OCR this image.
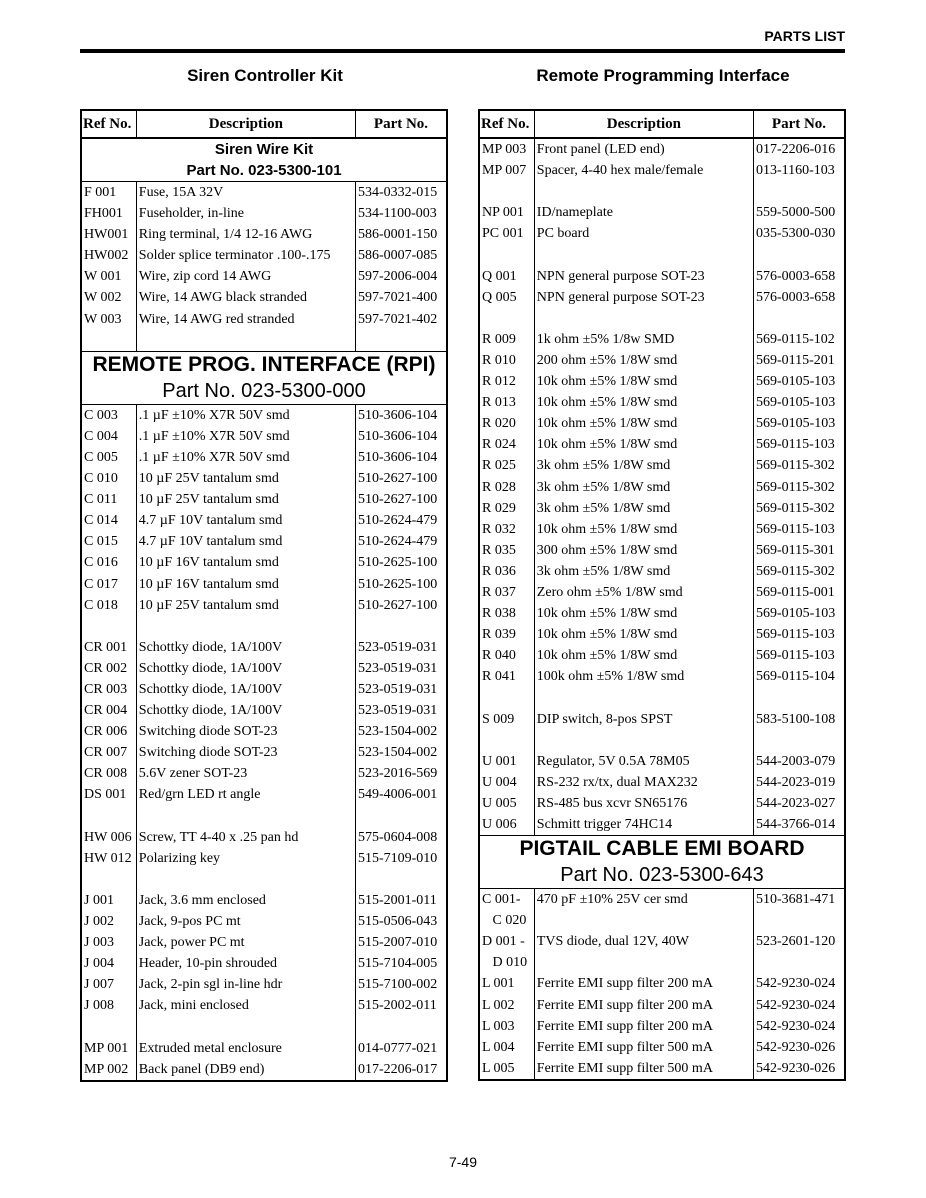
PARTS LIST
Siren Controller Kit	Remote Programming Interface
Ref No.	Description	Part No.

Siren Wire Kit
Part No. 023-5300-101		

F 001	Fuse, 15A 32V	534-0332-015
FH001	Fuseholder, in-line	534-1100-003
HW001	Ring terminal, 1/4 12-16 AWG	586-0001-150
HW002	Solder splice terminator .100-.175	586-0007-085
W 001	Wire, zip cord 14 AWG	597-2006-004
W 002	Wire, 14 AWG black stranded	597-7021-400
W 003	Wire, 14 AWG red stranded	597-7021-402

REMOTE PROG. INTERFACE (RPI)
Part No. 023-5300-000		

C 003	.1 µF ±10% X7R 50V smd	510-3606-104
C 004	.1 µF ±10% X7R 50V smd	510-3606-104
C 005	.1 µF ±10% X7R 50V smd	510-3606-104
C 010	10 µF 25V tantalum smd	510-2627-100
C 011	10 µF 25V tantalum smd	510-2627-100
C 014	4.7 µF 10V tantalum smd	510-2624-479
C 015	4.7 µF 10V tantalum smd	510-2624-479
C 016	10 µF 16V tantalum smd	510-2625-100
C 017	10 µF 16V tantalum smd	510-2625-100
C 018	10 µF 25V tantalum smd	510-2627-100

CR 001	Schottky diode, 1A/100V	523-0519-031
CR 002	Schottky diode, 1A/100V	523-0519-031
CR 003	Schottky diode, 1A/100V	523-0519-031
CR 004	Schottky diode, 1A/100V	523-0519-031
CR 006	Switching diode SOT-23	523-1504-002
CR 007	Switching diode SOT-23	523-1504-002
CR 008	5.6V zener SOT-23	523-2016-569
DS 001	Red/grn LED rt angle	549-4006-001

HW 006	Screw, TT 4-40 x .25 pan hd	575-0604-008
HW 012	Polarizing key	515-7109-010

J 001	Jack, 3.6 mm enclosed	515-2001-011
J 002	Jack, 9-pos PC mt	515-0506-043
J 003	Jack, power PC mt	515-2007-010
J 004	Header, 10-pin shrouded	515-7104-005
J 007	Jack, 2-pin sgl in-line hdr	515-7100-002
J 008	Jack, mini enclosed	515-2002-011

MP 001	Extruded metal enclosure	014-0777-021
MP 002	Back panel (DB9 end)	017-2206-017
Ref No.	Description	Part No.
MP 003	Front panel (LED end)	017-2206-016
MP 007	Spacer, 4-40 hex male/female	013-1160-103

NP 001	ID/nameplate	559-5000-500
PC 001	PC board	035-5300-030

Q 001	NPN general purpose SOT-23	576-0003-658
Q 005	NPN general purpose SOT-23	576-0003-658

R 009	1k ohm ±5% 1/8w SMD	569-0115-102
R 010	200 ohm ±5% 1/8W smd	569-0115-201
R 012	10k ohm ±5% 1/8W smd	569-0105-103
R 013	10k ohm ±5% 1/8W smd	569-0105-103
R 020	10k ohm ±5% 1/8W smd	569-0105-103
R 024	10k ohm ±5% 1/8W smd	569-0115-103
R 025	3k ohm ±5% 1/8W smd	569-0115-302
R 028	3k ohm ±5% 1/8W smd	569-0115-302
R 029	3k ohm ±5% 1/8W smd	569-0115-302
R 032	10k ohm ±5% 1/8W smd	569-0115-103
R 035	300 ohm ±5% 1/8W smd	569-0115-301
R 036	3k ohm ±5% 1/8W smd	569-0115-302
R 037	Zero ohm ±5% 1/8W smd	569-0115-001
R 038	10k ohm ±5% 1/8W smd	569-0105-103
R 039	10k ohm ±5% 1/8W smd	569-0115-103
R 040	10k ohm ±5% 1/8W smd	569-0115-103
R 041	100k ohm ±5% 1/8W smd	569-0115-104

S 009	DIP switch, 8-pos SPST	583-5100-108

U 001	Regulator, 5V 0.5A 78M05	544-2003-079
U 004	RS-232 rx/tx, dual MAX232	544-2023-019
U 005	RS-485 bus xcvr SN65176	544-2023-027
U 006	Schmitt trigger 74HC14	544-3766-014

PIGTAIL CABLE EMI BOARD
Part No. 023-5300-643		

C 001-	470 pF ±10% 25V cer smd	510-3681-471
C 020		
D 001 -	TVS diode, dual 12V, 40W	523-2601-120
D 010		
L 001	Ferrite EMI supp filter 200 mA	542-9230-024
L 002	Ferrite EMI supp filter 200 mA	542-9230-024
L 003	Ferrite EMI supp filter 200 mA	542-9230-024
L 004	Ferrite EMI supp filter 500 mA	542-9230-026
L 005	Ferrite EMI supp filter 500 mA	542-9230-026
7-49
